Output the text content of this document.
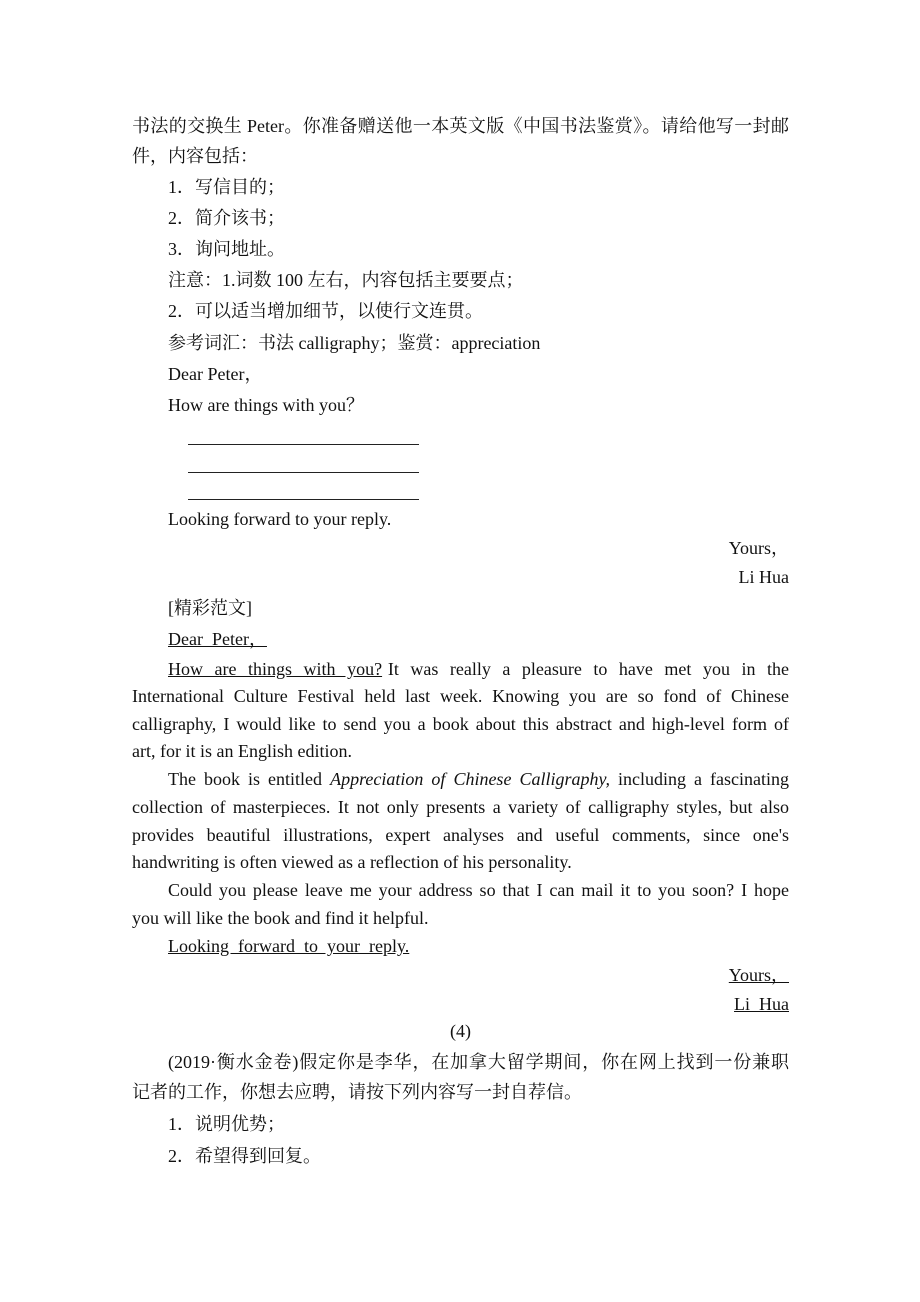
书法的交换生 Peter。你准备赠送他一本英文版《中国书法鉴赏》。请给他写一封邮
件，内容包括：
1．写信目的；
2．简介该书；
3．询问地址。
注意：1.词数 100 左右，内容包括主要要点；
2．可以适当增加细节，以使行文连贯。
参考词汇：书法 calligraphy；鉴赏：appreciation
Dear Peter，
How are things with you？
Looking forward to your reply.
Yours，
Li Hua
[精彩范文]
Dear  Peter，
How  are  things  with  you? It  was  really  a  pleasure  to  have  met  you  in  the
International Culture Festival held last week. Knowing you are so fond of Chinese
calligraphy, I would like to send you a book about this abstract and high-level form of
art, for it is an English edition.
The book is entitled Appreciation of Chinese Calligraphy, including a fascinating
collection of masterpieces. It not only presents a variety of calligraphy styles, but also
provides beautiful illustrations, expert analyses and useful comments, since one's
handwriting is often viewed as a reflection of his personality.
Could you please leave me your address so that I can mail it to you soon? I hope
you will like the book and find it helpful.
Looking  forward  to  your  reply.
Yours，
Li  Hua
(4)
(2019·衡水金卷)假定你是李华，在加拿大留学期间，你在网上找到一份兼职
记者的工作，你想去应聘，请按下列内容写一封自荐信。
1．说明优势；
2．希望得到回复。
